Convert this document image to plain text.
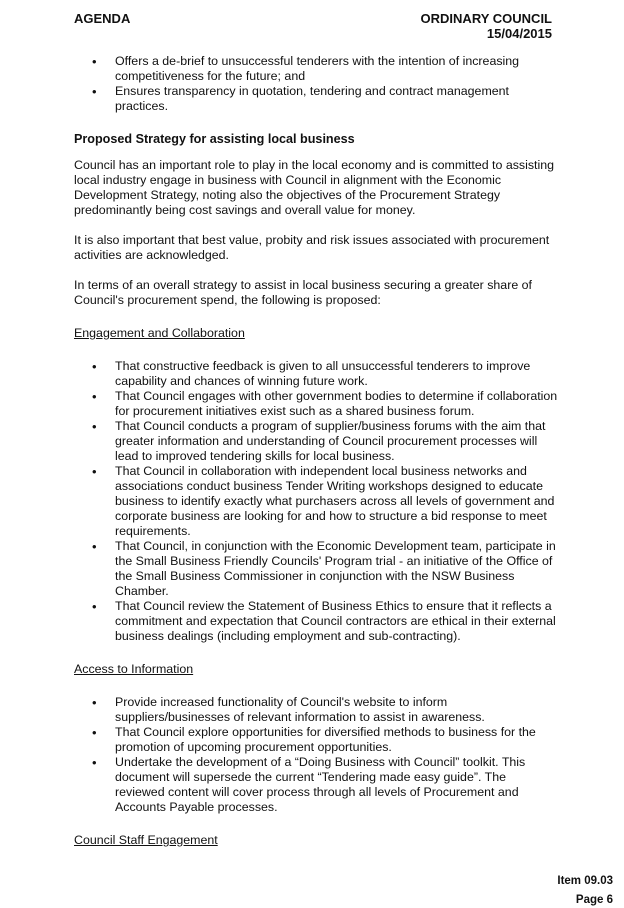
AGENDA	ORDINARY COUNCIL
15/04/2015
• Offers a de-brief to unsuccessful tenderers with the intention of increasing competitiveness for the future; and
• Ensures transparency in quotation, tendering and contract management practices.

Proposed Strategy for assisting local business

Council has an important role to play in the local economy and is committed to assisting local industry engage in business with Council in alignment with the Economic Development Strategy, noting also the objectives of the Procurement Strategy predominantly being cost savings and overall value for money.

It is also important that best value, probity and risk issues associated with procurement activities are acknowledged.

In terms of an overall strategy to assist in local business securing a greater share of Council's procurement spend, the following is proposed:

Engagement and Collaboration

• That constructive feedback is given to all unsuccessful tenderers to improve capability and chances of winning future work.
• That Council engages with other government bodies to determine if collaboration for procurement initiatives exist such as a shared business forum.
• That Council conducts a program of supplier/business forums with the aim that greater information and understanding of Council procurement processes will lead to improved tendering skills for local business.
• That Council in collaboration with independent local business networks and associations conduct business Tender Writing workshops designed to educate business to identify exactly what purchasers across all levels of government and corporate business are looking for and how to structure a bid response to meet requirements.
• That Council, in conjunction with the Economic Development team, participate in the Small Business Friendly Councils' Program trial - an initiative of the Office of the Small Business Commissioner in conjunction with the NSW Business Chamber.
• That Council review the Statement of Business Ethics to ensure that it reflects a commitment and expectation that Council contractors are ethical in their external business dealings (including employment and sub-contracting).

Access to Information

• Provide increased functionality of Council's website to inform suppliers/businesses of relevant information to assist in awareness.
• That Council explore opportunities for diversified methods to business for the promotion of upcoming procurement opportunities.
• Undertake the development of a “Doing Business with Council” toolkit. This document will supersede the current “Tendering made easy guide”. The reviewed content will cover process through all levels of Procurement and Accounts Payable processes.

Council Staff Engagement

Item 09.03
Page 6
